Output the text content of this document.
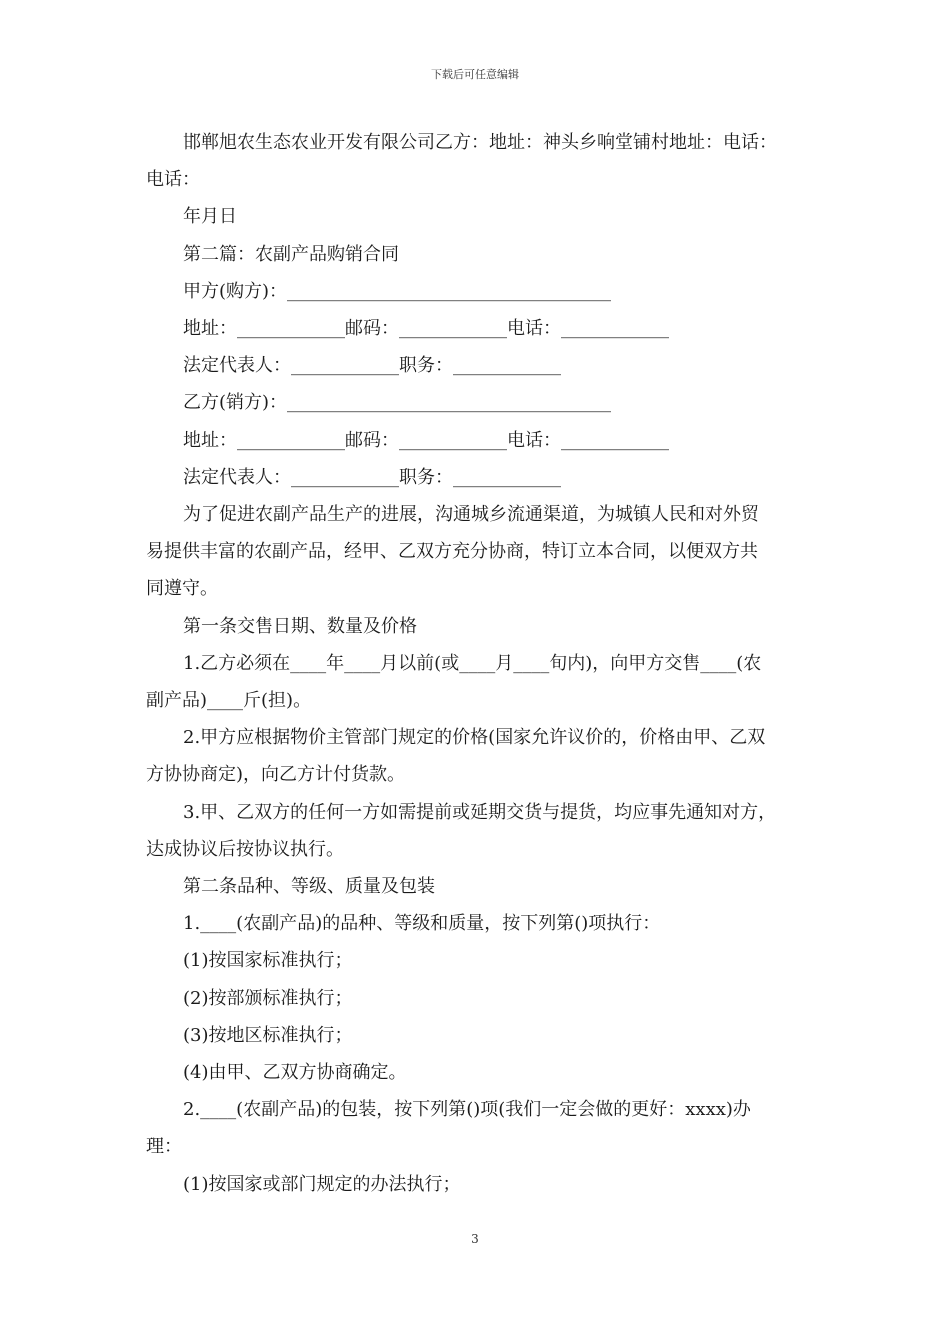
下载后可任意编辑

邯郸旭农生态农业开发有限公司乙方：地址：神头乡响堂铺村地址：电话：

电话：

年月日

第二篇：农副产品购销合同

甲方(购方)：____________________________________

地址：____________邮码：____________电话：____________

法定代表人：____________职务：____________

乙方(销方)：____________________________________

地址：____________邮码：____________电话：____________

法定代表人：____________职务：____________

为了促进农副产品生产的进展，沟通城乡流通渠道，为城镇人民和对外贸

易提供丰富的农副产品，经甲、乙双方充分协商，特订立本合同，以便双方共

同遵守。

第一条交售日期、数量及价格

1.乙方必须在____年____月以前(或____月____旬内)，向甲方交售____(农

副产品)____斤(担)。

2.甲方应根据物价主管部门规定的价格(国家允许议价的，价格由甲、乙双

方协协商定)，向乙方计付货款。

3.甲、乙双方的任何一方如需提前或延期交货与提货，均应事先通知对方，

达成协议后按协议执行。

第二条品种、等级、质量及包装

1.____(农副产品)的品种、等级和质量，按下列第()项执行：

(1)按国家标准执行；

(2)按部颁标准执行；

(3)按地区标准执行；

(4)由甲、乙双方协商确定。

2.____(农副产品)的包装，按下列第()项(我们一定会做的更好：xxxx)办

理：

(1)按国家或部门规定的办法执行；

3
